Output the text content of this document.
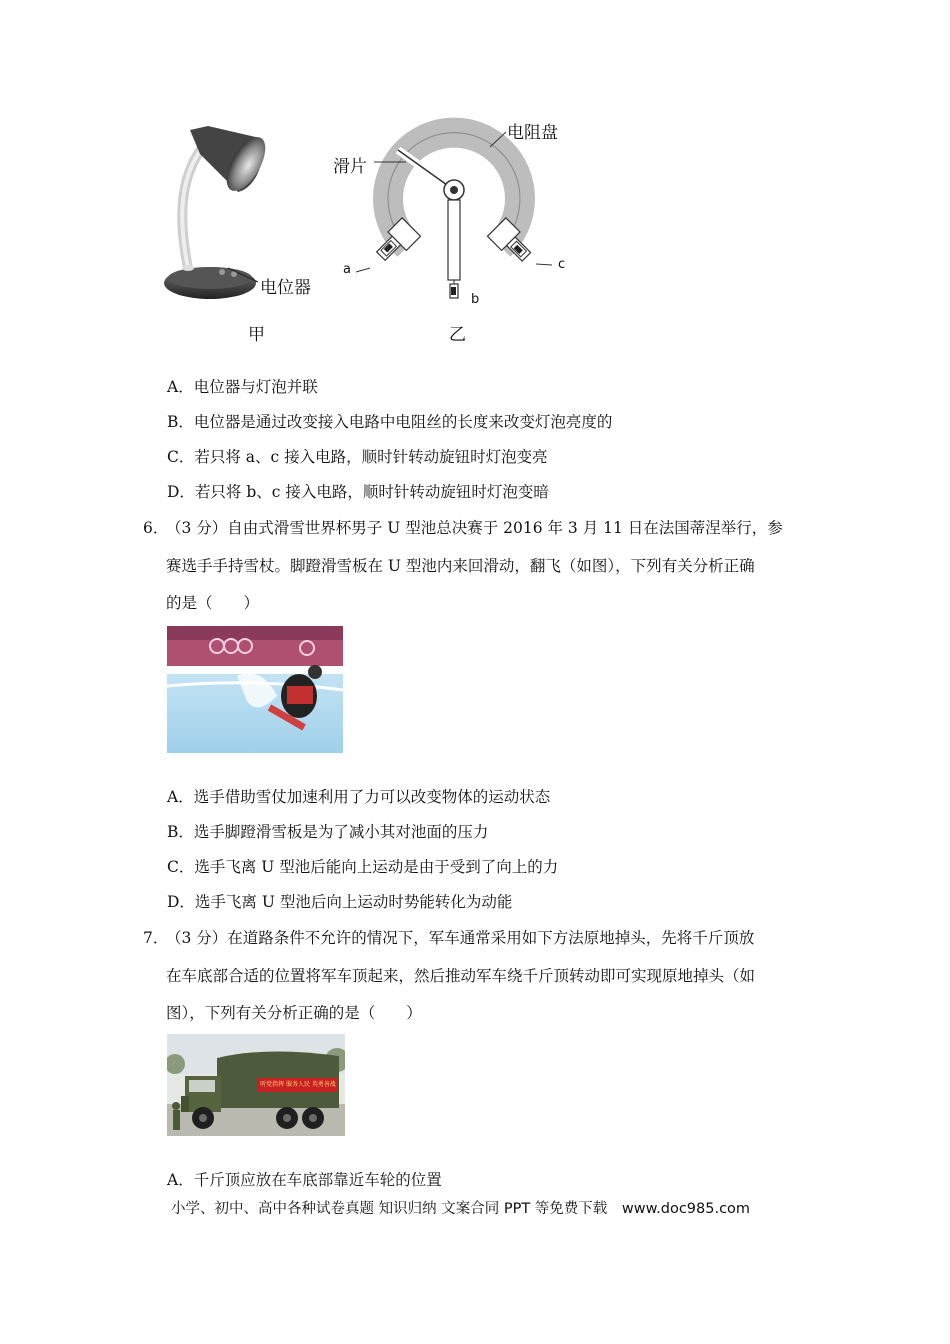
电位器
甲
滑片
电阻盘
a
b
c
乙
A．电位器与灯泡并联
B．电位器是通过改变接入电路中电阻丝的长度来改变灯泡亮度的
C．若只将 a、c 接入电路，顺时针转动旋钮时灯泡变亮
D．若只将 b、c 接入电路，顺时针转动旋钮时灯泡变暗
6．
（3 分）自由式滑雪世界杯男子 U 型池总决赛于 2016 年 3 月 11 日在法国蒂涅举行，参
赛选手手持雪杖。脚蹬滑雪板在 U 型池内来回滑动，翻飞（如图），下列有关分析正确
的是（　　）
A．选手借助雪仗加速利用了力可以改变物体的运动状态
B．选手脚蹬滑雪板是为了减小其对池面的压力
C．选手飞离 U 型池后能向上运动是由于受到了向上的力
D．选手飞离 U 型池后向上运动时势能转化为动能
7．
（3 分）在道路条件不允许的情况下，军车通常采用如下方法原地掉头，先将千斤顶放
在车底部合适的位置将军车顶起来，然后推动军车绕千斤顶转动即可实现原地掉头（如
图），下列有关分析正确的是（　　）
听党指挥 服务人民 英勇善战
A．千斤顶应放在车底部靠近车轮的位置
小学、初中、高中各种试卷真题 知识归纳 文案合同 PPT 等免费下载 www.doc985.com
